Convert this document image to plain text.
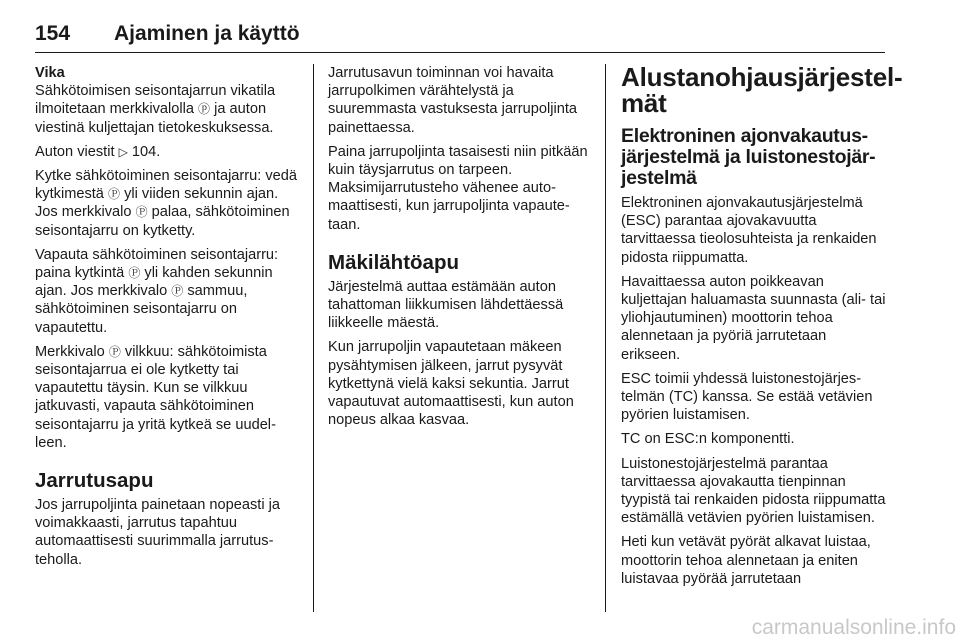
154 Ajaminen ja käyttö

Vika

Sähkötoimisen seisontajarrun vikatila ilmoitetaan merkkivalolla ⓟ ja auton viestinä kuljettajan tietokeskuksessa.

Auton viestit ▷ 104.

Kytke sähkötoiminen seisontajarru: vedä kytkimestä Ⓟ yli viiden sekunnin ajan. Jos merkkivalo Ⓟ palaa, sähkötoiminen seisontajarru on kytketty.

Vapauta sähkötoiminen seisontajarru: paina kytkintä Ⓟ yli kahden sekunnin ajan. Jos merkkivalo Ⓟ sammuu, sähkötoiminen seisontajarru on vapautettu.

Merkkivalo Ⓟ vilkkuu: sähkötoimista seisontajarrua ei ole kytketty tai vapautettu täysin. Kun se vilkkuu jatkuvasti, vapauta sähkötoiminen seisontajarru ja yritä kytkeä se uudelleen.

Jarrutusapu

Jos jarrupoljinta painetaan nopeasti ja voimakkaasti, jarrutus tapahtuu automaattisesti suurimmalla jarrutusteholla.

Jarrutusavun toiminnan voi havaita jarrupolkimen värähtelystä ja suuremmasta vastuksesta jarrupoljinta painettaessa.

Paina jarrupoljinta tasaisesti niin pitkään kuin täysjarrutus on tarpeen. Maksimijarrutusteho vähenee automaattisesti, kun jarrupoljinta vapautetaan.

Mäkilähtöapu

Järjestelmä auttaa estämään auton tahattoman liikkumisen lähdettäessä liikkeelle mäestä.

Kun jarrupoljin vapautetaan mäkeen pysähtymisen jälkeen, jarrut pysyvät kytkettynä vielä kaksi sekuntia. Jarrut vapautuvat automaattisesti, kun auton nopeus alkaa kasvaa.

Alustanohjausjärjestelmät
Elektroninen ajonvakautusjärjestelmä ja luistonestojärjestelmä

Elektroninen ajonvakautusjärjestelmä (ESC) parantaa ajovakavuutta tarvittaessa tieolosuhteista ja renkaiden pidosta riippumatta.

Havaittaessa auton poikkeavan kuljettajan haluamasta suunnasta (ali- tai yliohjautuminen) moottorin tehoa alennetaan ja pyöriä jarrutetaan erikseen.

ESC toimii yhdessä luistonestojärjestelmän (TC) kanssa. Se estää vetävien pyörien luistamisen.

TC on ESC:n komponentti.

Luistonestojärjestelmä parantaa tarvittaessa ajovakautta tienpinnan tyypistä tai renkaiden pidosta riippumatta estämällä vetävien pyörien luistamisen.

Heti kun vetävät pyörät alkavat luistaa, moottorin tehoa alennetaan ja eniten luistavaa pyörää jarrutetaan

carmanualsonline.info
